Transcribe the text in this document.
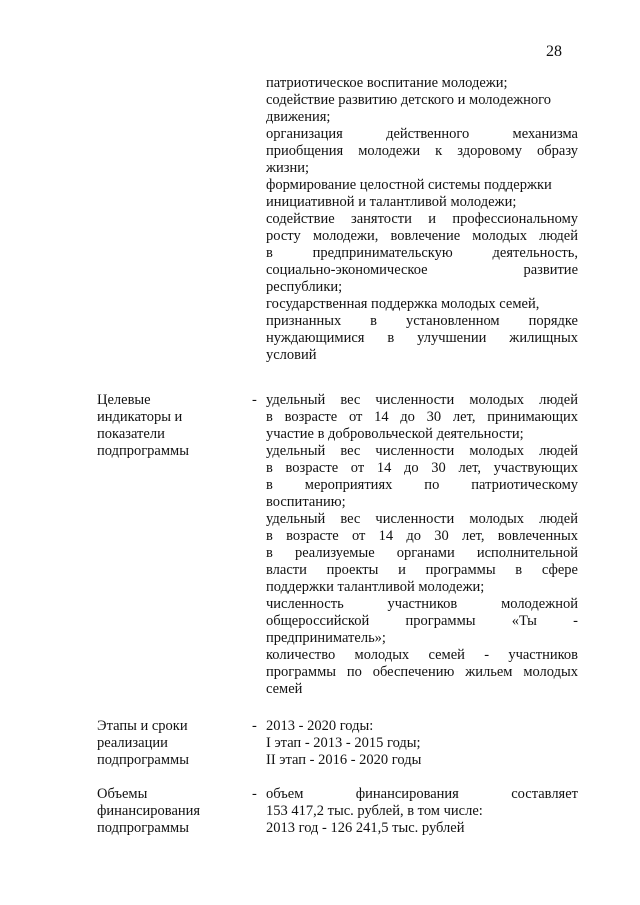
28
патриотическое воспитание молодежи;
содействие развитию детского и молодежного
движения;
организация действенного механизма
приобщения молодежи к здоровому образу
жизни;
формирование целостной системы поддержки
инициативной и талантливой молодежи;
содействие занятости и профессиональному
росту молодежи, вовлечение молодых людей
в предпринимательскую деятельность,
социально-экономическое развитие
республики;
государственная поддержка молодых семей,
признанных в установленном порядке
нуждающимися в улучшении жилищных
условий
Целевые
индикаторы и
показатели
подпрограммы
- удельный вес численности молодых людей
в возрасте от 14 до 30 лет, принимающих
участие в добровольческой деятельности;
удельный вес численности молодых людей
в возрасте от 14 до 30 лет, участвующих
в мероприятиях по патриотическому
воспитанию;
удельный вес численности молодых людей
в возрасте от 14 до 30 лет, вовлеченных
в реализуемые органами исполнительной
власти проекты и программы в сфере
поддержки талантливой молодежи;
численность участников молодежной
общероссийской программы «Ты -
предприниматель»;
количество молодых семей - участников
программы по обеспечению жильем молодых
семей
Этапы и сроки
реализации
подпрограммы
- 2013 - 2020 годы:
I этап - 2013 - 2015 годы;
II этап - 2016 - 2020 годы
Объемы
финансирования
подпрограммы
- объем финансирования составляет
153 417,2 тыс. рублей, в том числе:
2013 год - 126 241,5 тыс. рублей
